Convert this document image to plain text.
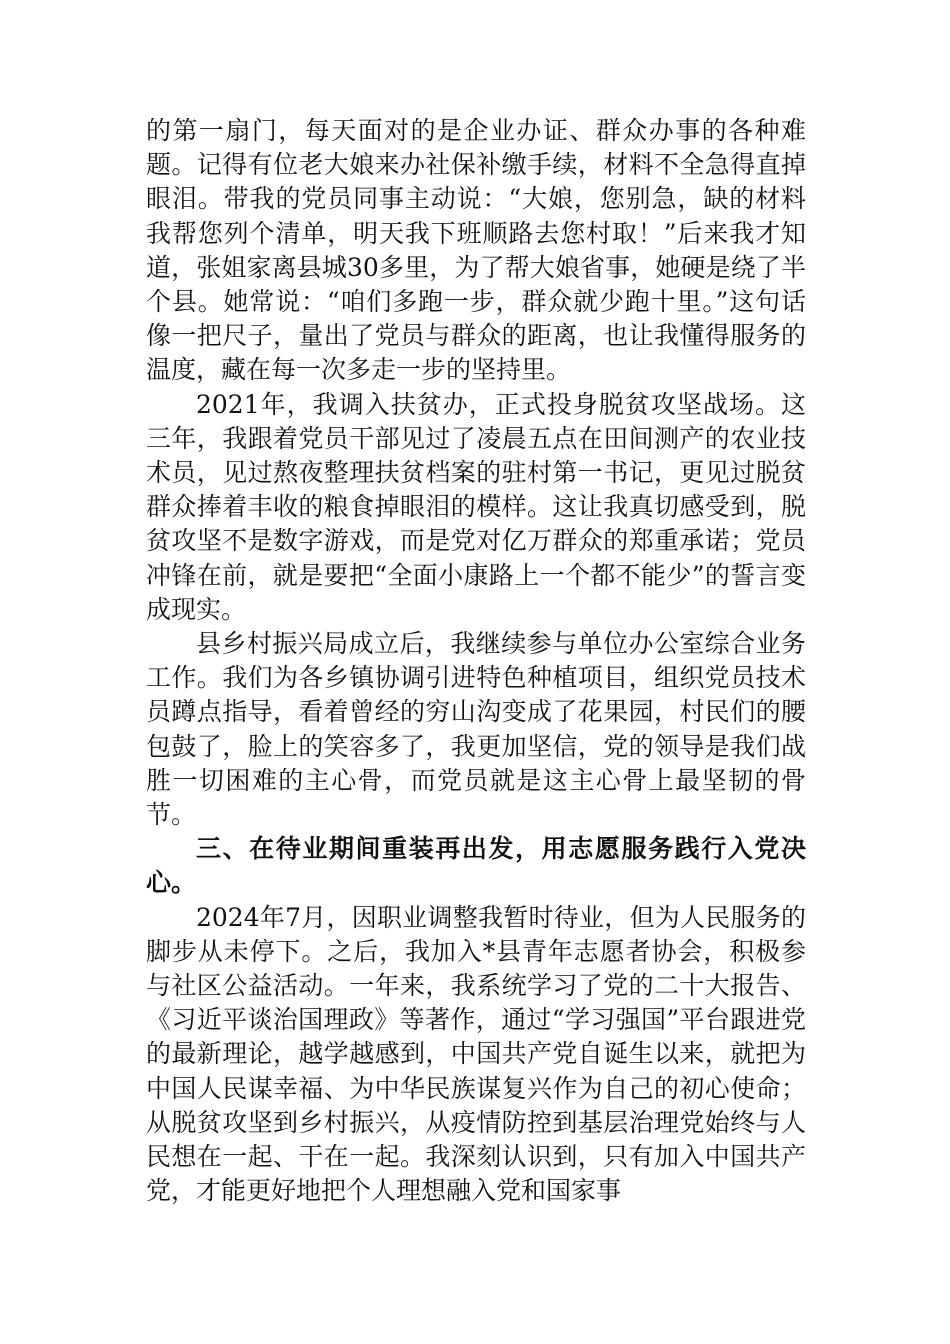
的第一扇门，每天面对的是企业办证、群众办事的各种难题。记得有位老大娘来办社保补缴手续，材料不全急得直掉眼泪。带我的党员同事主动说：“大娘，您别急，缺的材料我帮您列个清单，明天我下班顺路去您村取！”后来我才知道，张姐家离县城30多里，为了帮大娘省事，她硬是绕了半个县。她常说：“咱们多跑一步，群众就少跑十里。”这句话像一把尺子，量出了党员与群众的距离，也让我懂得服务的温度，藏在每一次多走一步的坚持里。

2021年，我调入扶贫办，正式投身脱贫攻坚战场。这三年，我跟着党员干部见过了凌晨五点在田间测产的农业技术员，见过熬夜整理扶贫档案的驻村第一书记，更见过脱贫群众捧着丰收的粮食掉眼泪的模样。这让我真切感受到，脱贫攻坚不是数字游戏，而是党对亿万群众的郑重承诺；党员冲锋在前，就是要把“全面小康路上一个都不能少”的誓言变成现实。

县乡村振兴局成立后，我继续参与单位办公室综合业务工作。我们为各乡镇协调引进特色种植项目，组织党员技术员蹲点指导，看着曾经的穷山沟变成了花果园，村民们的腰包鼓了，脸上的笑容多了，我更加坚信，党的领导是我们战胜一切困难的主心骨，而党员就是这主心骨上最坚韧的骨节。

三、在待业期间重装再出发，用志愿服务践行入党决心。

2024年7月，因职业调整我暂时待业，但为人民服务的脚步从未停下。之后，我加入*县青年志愿者协会，积极参与社区公益活动。一年来，我系统学习了党的二十大报告、《习近平谈治国理政》等著作，通过“学习强国”平台跟进党的最新理论，越学越感到，中国共产党自诞生以来，就把为中国人民谋幸福、为中华民族谋复兴作为自己的初心使命；从脱贫攻坚到乡村振兴，从疫情防控到基层治理党始终与人民想在一起、干在一起。我深刻认识到，只有加入中国共产党，才能更好地把个人理想融入党和国家事
